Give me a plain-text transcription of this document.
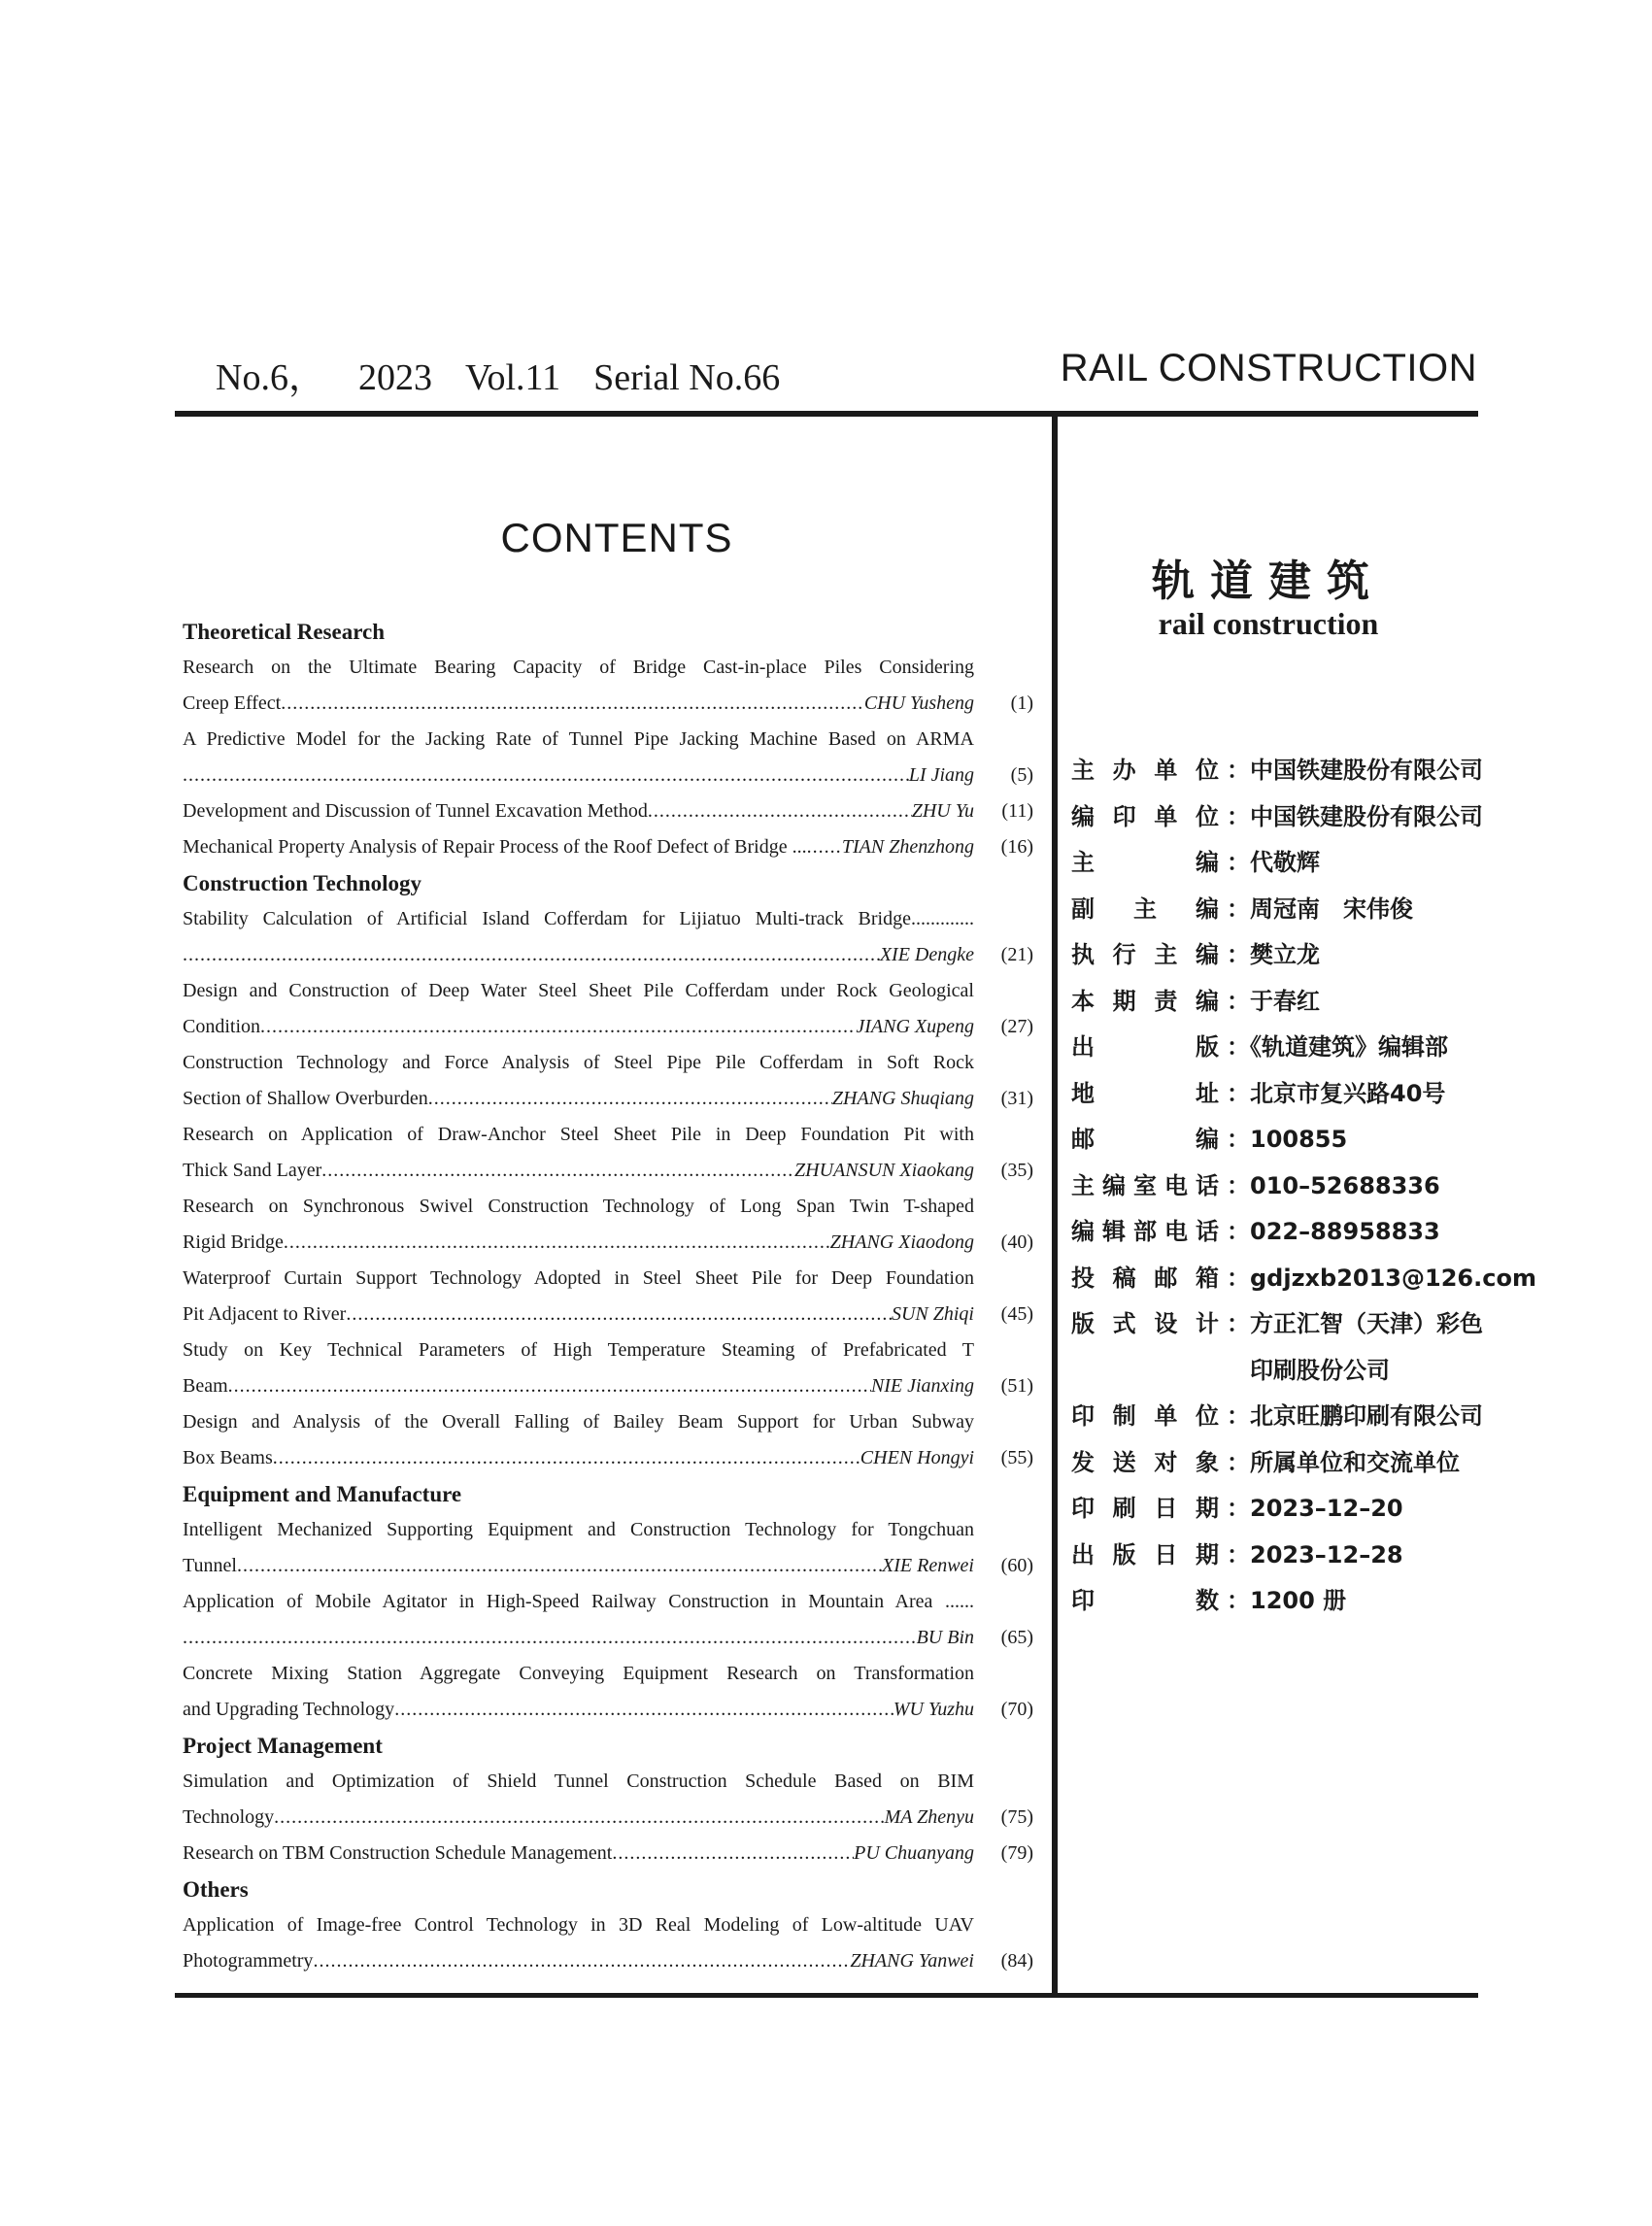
No.6， 2023 Vol.11 Serial No.66	RAIL CONSTRUCTION
CONTENTS
Theoretical Research
Research on the Ultimate Bearing Capacity of Bridge Cast-in-place Piles Considering
Creep Effect .....	CHU Yusheng	(1)
A Predictive Model for the Jacking Rate of Tunnel Pipe Jacking Machine Based on ARMA
.....
LI Jiang	(5)
Development and Discussion of Tunnel Excavation Method .....	ZHU Yu	(11)
Mechanical Property Analysis of Repair Process of the Roof Defect of Bridge ... ..... TIAN Zhenzhong	(16)
Construction Technology
Stability Calculation of Artificial Island Cofferdam for Lijiatuo Multi-track Bridge.............
.....
XIE Dengke	(21)
Design and Construction of Deep Water Steel Sheet Pile Cofferdam under Rock Geological
Condition .....	JIANG Xupeng	(27)
Construction Technology and Force Analysis of Steel Pipe Pile Cofferdam in Soft Rock
Section of Shallow Overburden .....	ZHANG Shuqiang	(31)
Research on Application of Draw-Anchor Steel Sheet Pile in Deep Foundation Pit with
Thick Sand Layer .....	ZHUANSUN Xiaokang	(35)
Research on Synchronous Swivel Construction Technology of Long Span Twin T-shaped
Rigid Bridge .....	ZHANG Xiaodong	(40)
Waterproof Curtain Support Technology Adopted in Steel Sheet Pile for Deep Foundation
Pit Adjacent to River .....	SUN Zhiqi	(45)
Study on Key Technical Parameters of High Temperature Steaming of Prefabricated T
Beam .....	NIE Jianxing	(51)
Design and Analysis of the Overall Falling of Bailey Beam Support for Urban Subway
Box Beams .....	CHEN Hongyi	(55)
Equipment and Manufacture
Intelligent Mechanized Supporting Equipment and Construction Technology for Tongchuan
Tunnel .....	XIE Renwei	(60)
Application of Mobile Agitator in High-Speed Railway Construction in Mountain Area ......
.....
BU Bin	(65)
Concrete Mixing Station Aggregate Conveying Equipment Research on Transformation
and Upgrading Technology .....	WU Yuzhu	(70)
Project Management
Simulation and Optimization of Shield Tunnel Construction Schedule Based on BIM
Technology .....	MA Zhenyu	(75)
Research on TBM Construction Schedule Management .....	PU Chuanyang	(79)
Others
Application of Image-free Control Technology in 3D Real Modeling of Low-altitude UAV
Photogrammetry .....	ZHANG Yanwei	(84)
轨道建筑
rail construction
主办单位 ：中国铁建股份有限公司
编印单位 ：中国铁建股份有限公司
主编 ：代敬辉
副主编 ：周冠南　宋伟俊
执行主编 ：樊立龙
本期责编 ：于春红
出版 ：《轨道建筑》编辑部
地址 ：北京市复兴路40号
邮编 ：100855
主编室电话 ：010–52688336
编辑部电话 ：022–88958833
投稿邮箱 ：gdjzxb2013@126.com
版式设计 ：方正汇智（天津）彩色
　印刷股份公司
印制单位 ：北京旺鹏印刷有限公司
发送对象 ：所属单位和交流单位
印刷日期 ：2023–12–20
出版日期 ：2023–12–28
印数 ：1200 册
